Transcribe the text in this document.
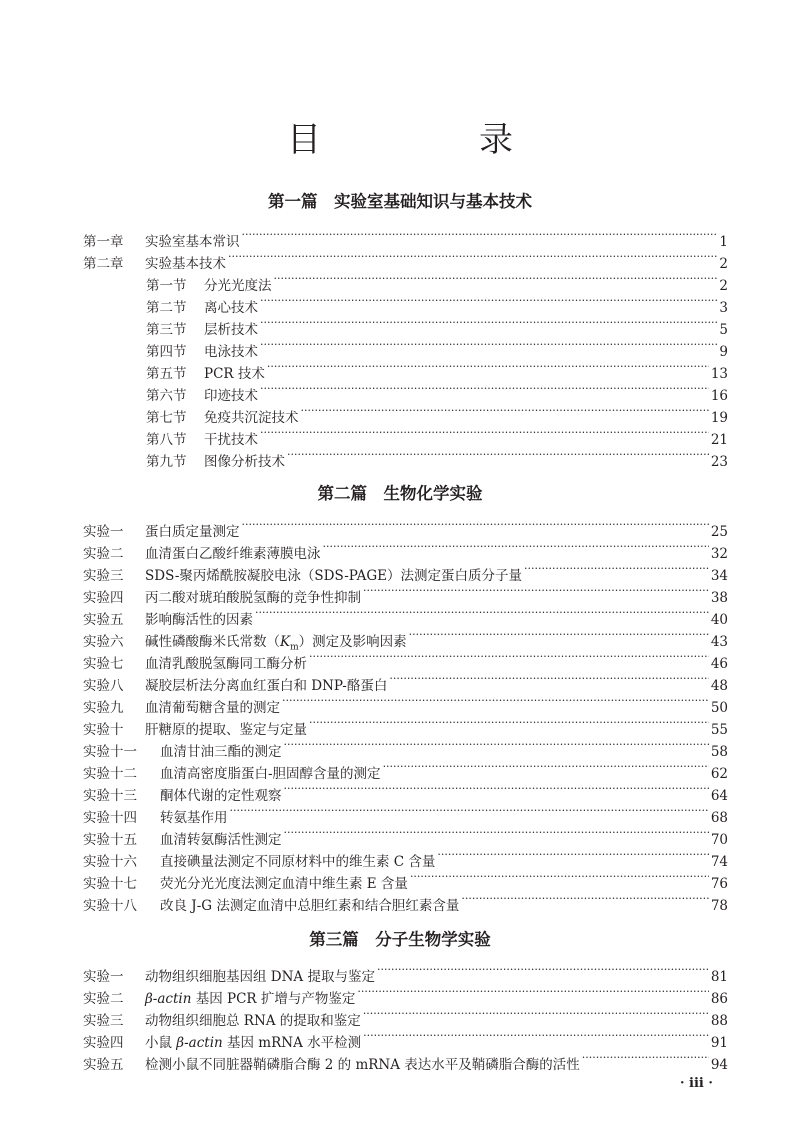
目　录
第一篇　实验室基础知识与基本技术
第一章	实验室基本常识 ·····	1
第二章	实验基本技术 ·····	2
第一节	分光光度法 ·····	2
第二节	离心技术 ·····	3
第三节	层析技术 ·····	5
第四节	电泳技术 ·····	9
第五节	PCR 技术 ·····	13
第六节	印迹技术 ·····	16
第七节	免疫共沉淀技术 ·····	19
第八节	干扰技术 ·····	21
第九节	图像分析技术 ·····	23
第二篇　生物化学实验
实验一	蛋白质定量测定 ·····	25
实验二	血清蛋白乙酸纤维素薄膜电泳 ·····	32
实验三	SDS-聚丙烯酰胺凝胶电泳（SDS-PAGE）法测定蛋白质分子量 ·····	34
实验四	丙二酸对琥珀酸脱氢酶的竞争性抑制 ·····	38
实验五	影响酶活性的因素 ·····	40
实验六	碱性磷酸酶米氏常数$(K_m)$测定及影响因素 ·····	43
实验七	血清乳酸脱氢酶同工酶分析 ·····	46
实验八	凝胶层析法分离血红蛋白和 DNP-酪蛋白 ·····	48
实验九	血清葡萄糖含量的测定 ·····	50
实验十	肝糖原的提取、鉴定与定量 ·····	55
实验十一	血清甘油三酯的测定 ·····	58
实验十二	血清高密度脂蛋白-胆固醇含量的测定 ·····	62
实验十三	酮体代谢的定性观察 ·····	64
实验十四	转氨基作用 ·····	68
实验十五	血清转氨酶活性测定 ·····	70
实验十六	直接碘量法测定不同原材料中的维生素 C 含量 ·····	74
实验十七	荧光分光光度法测定血清中维生素 E 含量 ·····	76
实验十八	改良 J-G 法测定血清中总胆红素和结合胆红素含量 ·····	78
第三篇　分子生物学实验
实验一	动物组织细胞基因组 DNA 提取与鉴定 ·····	81
实验二	β-actin 基因 PCR 扩增与产物鉴定 ·····	86
实验三	动物组织细胞总 RNA 的提取和鉴定 ·····	88
实验四	小鼠 β-actin 基因 mRNA 水平检测 ·····	91
实验五	检测小鼠不同脏器鞘磷脂合酶 2 的 mRNA 表达水平及鞘磷脂合酶的活性 ·····	94
· iii ·
